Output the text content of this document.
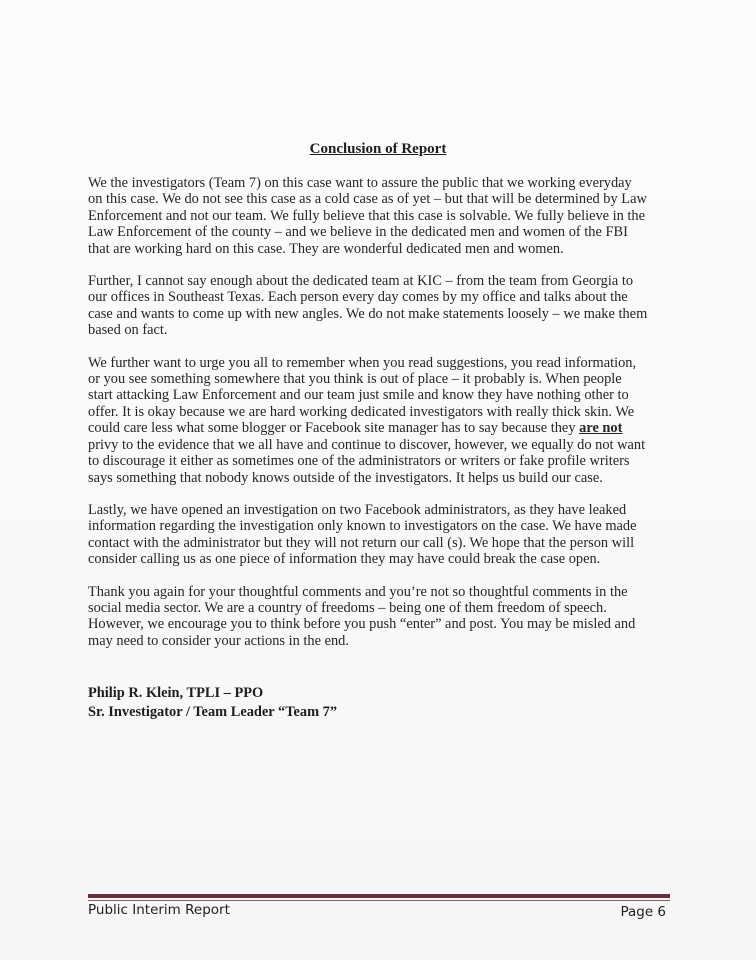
Conclusion of Report

We the investigators (Team 7) on this case want to assure the public that we working everyday
on this case. We do not see this case as a cold case as of yet – but that will be determined by Law
Enforcement and not our team. We fully believe that this case is solvable. We fully believe in the
Law Enforcement of the county – and we believe in the dedicated men and women of the FBI
that are working hard on this case. They are wonderful dedicated men and women.

Further, I cannot say enough about the dedicated team at KIC – from the team from Georgia to
our offices in Southeast Texas. Each person every day comes by my office and talks about the
case and wants to come up with new angles. We do not make statements loosely – we make them
based on fact.

We further want to urge you all to remember when you read suggestions, you read information,
or you see something somewhere that you think is out of place – it probably is. When people
start attacking Law Enforcement and our team just smile and know they have nothing other to
offer. It is okay because we are hard working dedicated investigators with really thick skin. We
could care less what some blogger or Facebook site manager has to say because they are not
privy to the evidence that we all have and continue to discover, however, we equally do not want
to discourage it either as sometimes one of the administrators or writers or fake profile writers
says something that nobody knows outside of the investigators. It helps us build our case.

Lastly, we have opened an investigation on two Facebook administrators, as they have leaked
information regarding the investigation only known to investigators on the case. We have made
contact with the administrator but they will not return our call (s). We hope that the person will
consider calling us as one piece of information they may have could break the case open.

Thank you again for your thoughtful comments and you’re not so thoughtful comments in the
social media sector. We are a country of freedoms – being one of them freedom of speech.
However, we encourage you to think before you push “enter” and post. You may be misled and
may need to consider your actions in the end.

Philip R. Klein, TPLI – PPO
Sr. Investigator / Team Leader “Team 7”
Public Interim Report	Page 6
